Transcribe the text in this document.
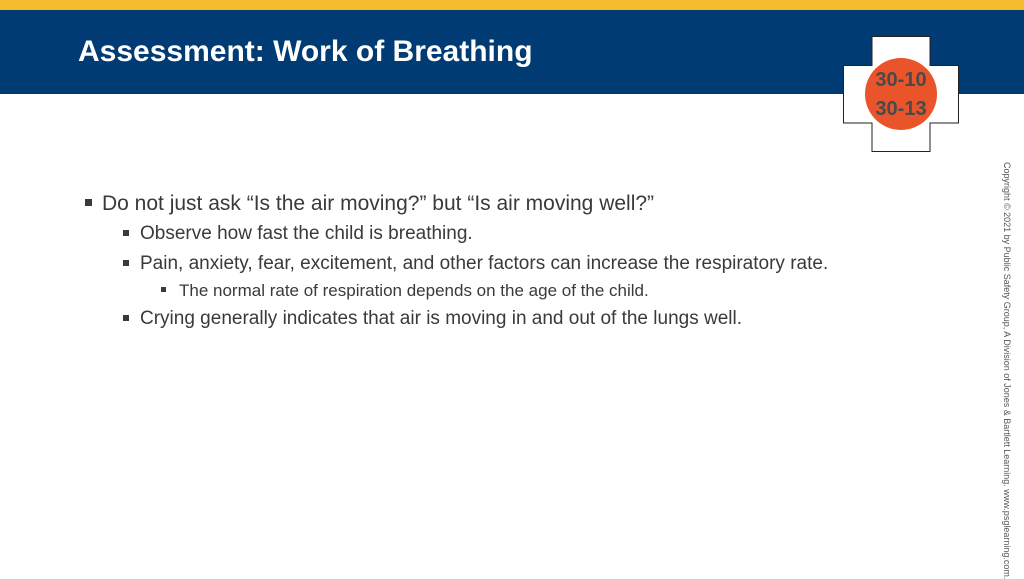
Assessment: Work of Breathing
30-10
30-13
Do not just ask “Is the air moving?” but “Is air moving well?”
Observe how fast the child is breathing.
Pain, anxiety, fear, excitement, and other factors can increase the respiratory rate.
The normal rate of respiration depends on the age of the child.
Crying generally indicates that air is moving in and out of the lungs well.	Copyright © 2021 by Public Safety Group, A Division of Jones & Bartlett Learning. www.psglearning.com.
